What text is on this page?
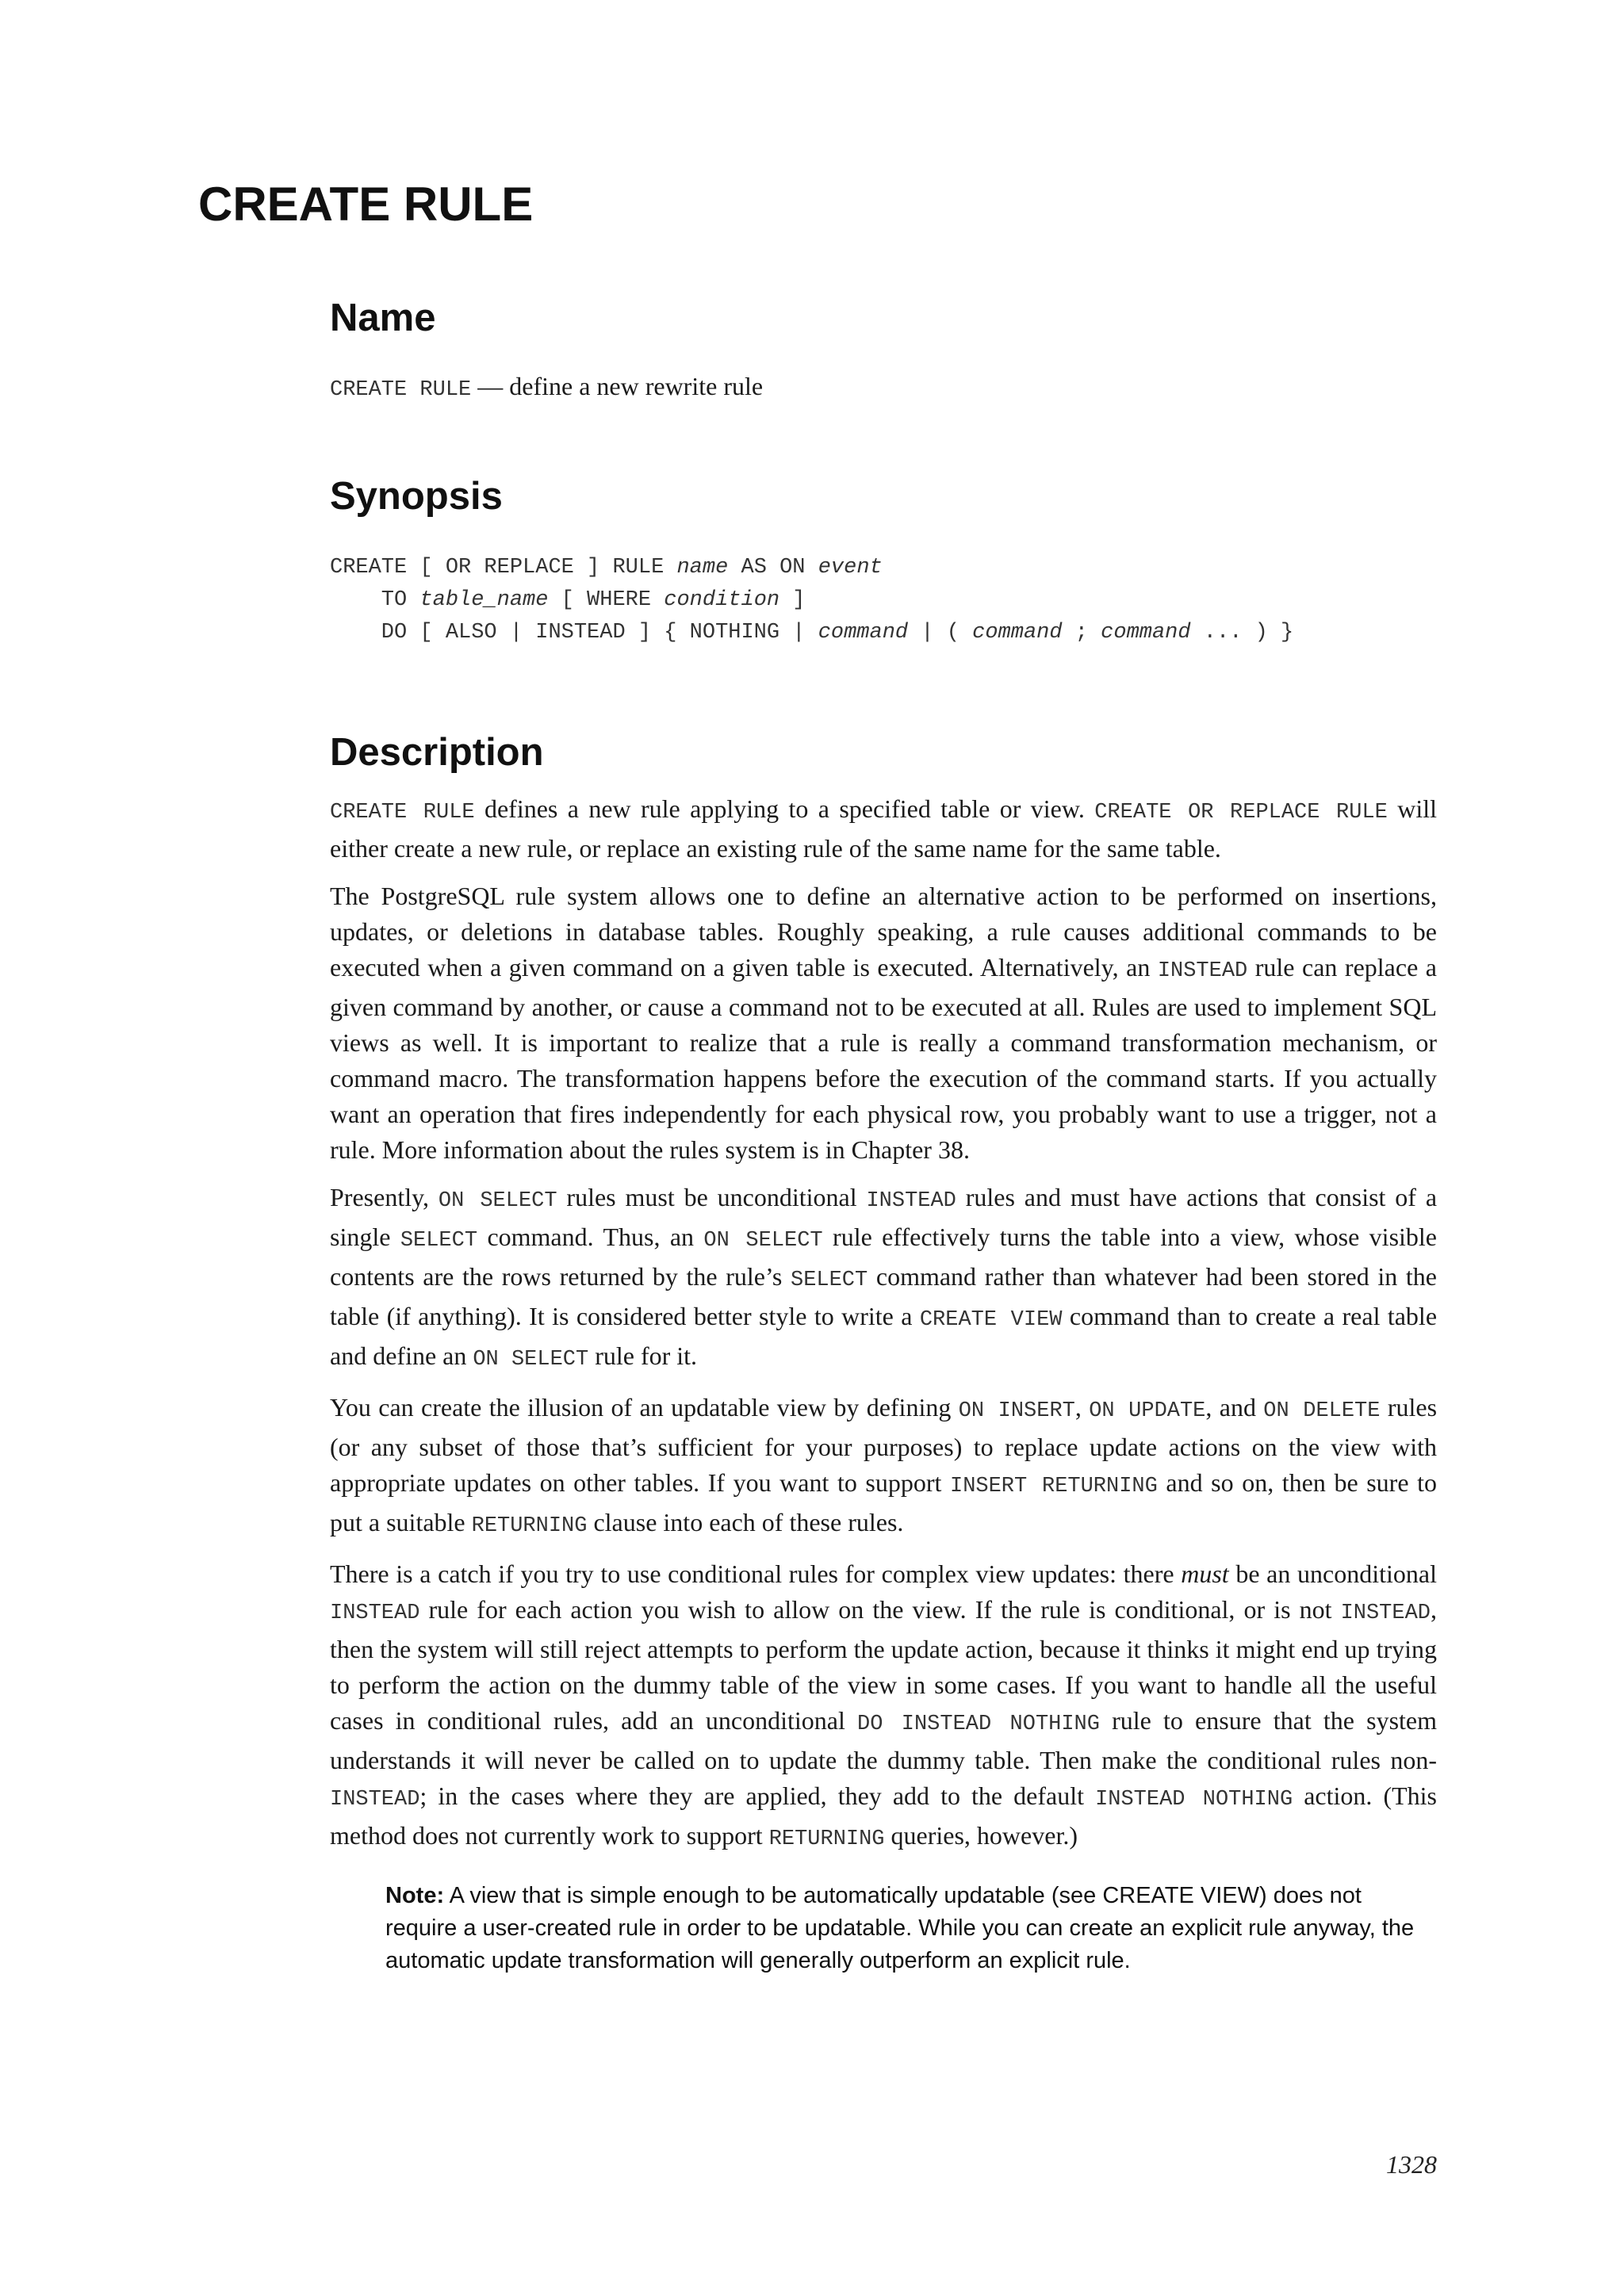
CREATE RULE
Name

CREATE RULE — define a new rewrite rule

Synopsis
CREATE [ OR REPLACE ] RULE name AS ON event
TO table_name [ WHERE condition ]
DO [ ALSO | INSTEAD ] { NOTHING | command | ( command ; command ... ) }
Description

CREATE RULE defines a new rule applying to a specified table or view. CREATE OR REPLACE RULE will either create a new rule, or replace an existing rule of the same name for the same table.

The PostgreSQL rule system allows one to define an alternative action to be performed on insertions, updates, or deletions in database tables. Roughly speaking, a rule causes additional commands to be executed when a given command on a given table is executed. Alternatively, an INSTEAD rule can replace a given command by another, or cause a command not to be executed at all. Rules are used to implement SQL views as well. It is important to realize that a rule is really a command transformation mechanism, or command macro. The transformation happens before the execution of the command starts. If you actually want an operation that fires independently for each physical row, you probably want to use a trigger, not a rule. More information about the rules system is in Chapter 38.

Presently, ON SELECT rules must be unconditional INSTEAD rules and must have actions that consist of a single SELECT command. Thus, an ON SELECT rule effectively turns the table into a view, whose visible contents are the rows returned by the rule’s SELECT command rather than whatever had been stored in the table (if anything). It is considered better style to write a CREATE VIEW command than to create a real table and define an ON SELECT rule for it.

You can create the illusion of an updatable view by defining ON INSERT, ON UPDATE, and ON DELETE rules (or any subset of those that’s sufficient for your purposes) to replace update actions on the view with appropriate updates on other tables. If you want to support INSERT RETURNING and so on, then be sure to put a suitable RETURNING clause into each of these rules.

There is a catch if you try to use conditional rules for complex view updates: there must be an unconditional INSTEAD rule for each action you wish to allow on the view. If the rule is conditional, or is not INSTEAD, then the system will still reject attempts to perform the update action, because it thinks it might end up trying to perform the action on the dummy table of the view in some cases. If you want to handle all the useful cases in conditional rules, add an unconditional DO INSTEAD NOTHING rule to ensure that the system understands it will never be called on to update the dummy table. Then make the conditional rules non-INSTEAD; in the cases where they are applied, they add to the default INSTEAD NOTHING action. (This method does not currently work to support RETURNING queries, however.)

Note: A view that is simple enough to be automatically updatable (see CREATE VIEW) does not require a user-created rule in order to be updatable. While you can create an explicit rule anyway, the automatic update transformation will generally outperform an explicit rule.
1328
